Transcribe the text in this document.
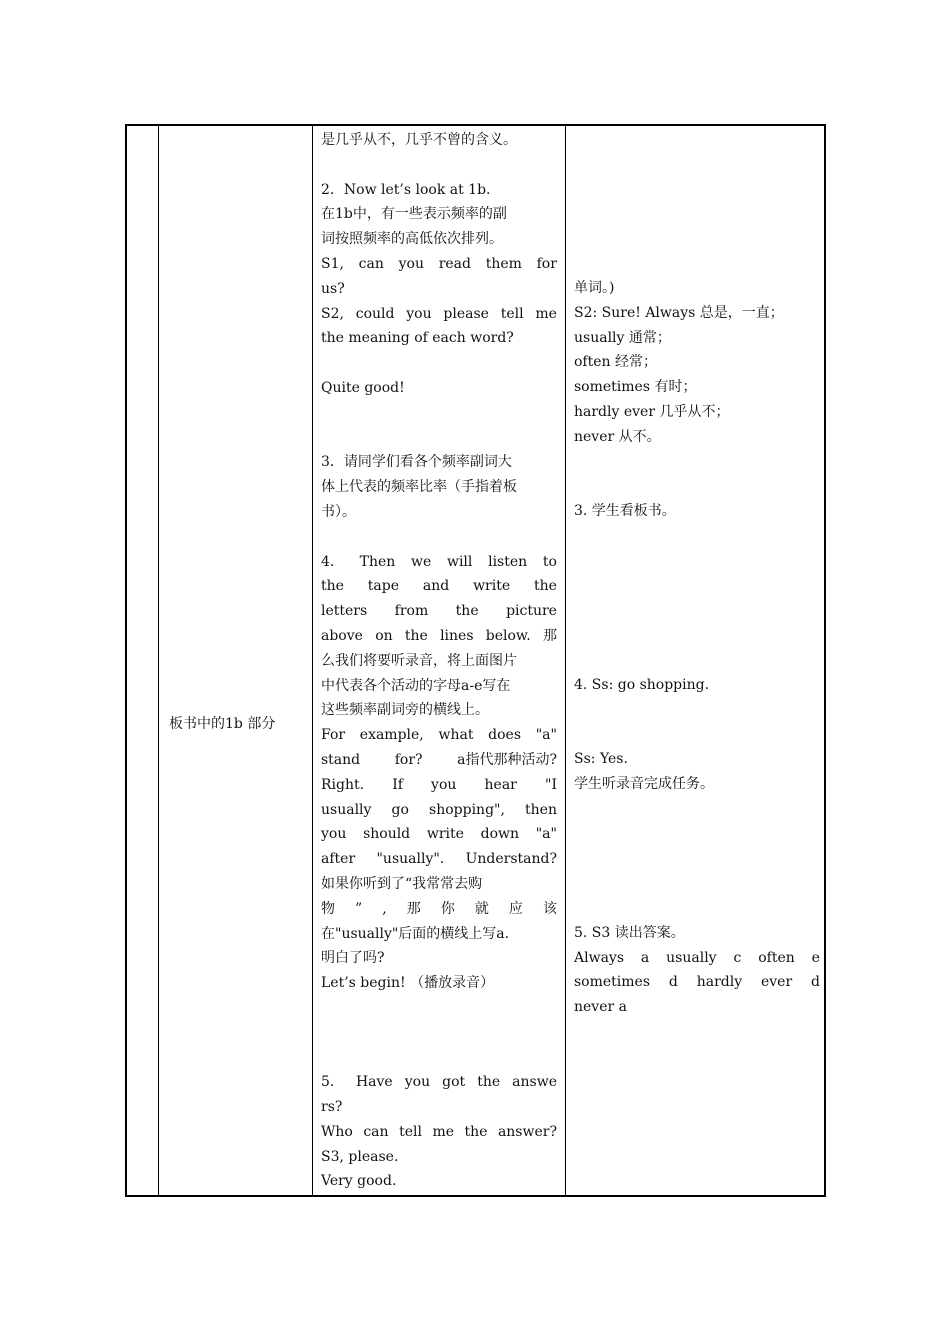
板书中的1b 部分
是几乎从不，几乎不曾的含义。
2．Now let’s look at 1b.
在1b中，有一些表示频率的副
词按照频率的高低依次排列。
S1, can you read them for
us?
S2, could you please tell me
the meaning of each word?
Quite good!
3．请同学们看各个频率副词大
体上代表的频率比率（手指着板
书）。
4． Then we will listen to
the tape and write the
letters from the picture
above on the lines below. 那
么我们将要听录音，将上面图片
中代表各个活动的字母a-e写在
这些频率副词旁的横线上。
For example, what does "a"
stand for? a指代那种活动?
Right. If you hear "I
usually go shopping", then
you should write down "a"
after "usually". Understand?
如果你听到了“我常常去购
物 ” , 那 你 就 应 该
在"usually"后面的横线上写a.
明白了吗?
Let’s begin! （播放录音）
5． Have you got the answe
rs?
Who can tell me the answer?
S3, please.
Very good.
单词。)
S2: Sure! Always 总是，一直；
usually 通常；
often 经常；
sometimes 有时；
hardly ever 几乎从不；
never 从不。
3. 学生看板书。
4. Ss: go shopping.
Ss: Yes.
学生听录音完成任务。
5. S3 读出答案。
Always a usually c often e
sometimes d hardly ever d
never a
